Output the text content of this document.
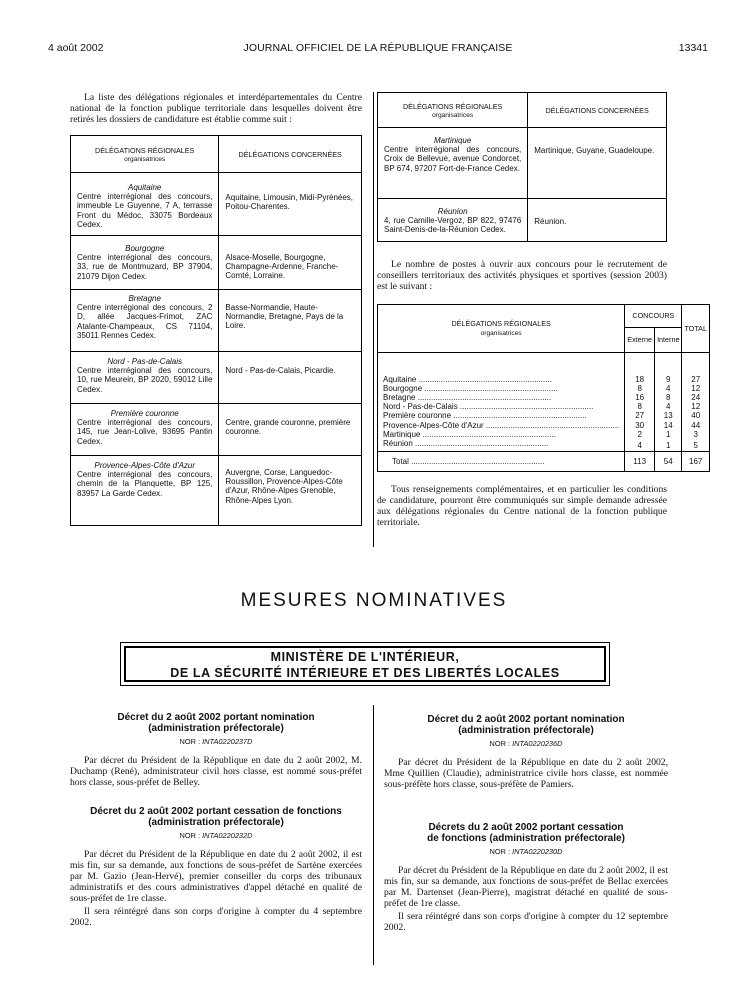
4 août 2002	JOURNAL OFFICIEL DE LA RÉPUBLIQUE FRANÇAISE	13341

La liste des délégations régionales et interdépartementales du Centre national de la fonction publique territoriale dans lesquelles doivent être retirés les dossiers de candidature est établie comme suit :

DÉLÉGATIONS RÉGIONALES
organisatrices	DÉLÉGATIONS CONCERNÉES

Aquitaine
Centre interrégional des concours, immeuble Le Guyenne, 7 A, terrasse Front du Médoc, 33075 Bordeaux Cedex.	Aquitaine, Limousin, Midi-Pyrénées, Poitou-Charentes.

Bourgogne
Centre interrégional des concours, 33, rue de Montmuzard, BP 37904, 21079 Dijon Cedex.	Alsace-Moselle, Bourgogne, Champagne-Ardenne, Franche-Comté, Lorraine.

Bretagne
Centre interrégional des concours, 2 D, allée Jacques-Frimot, ZAC Atalante-Champeaux, CS 71104, 35011 Rennes Cedex.	Basse-Normandie, Haute-Normandie, Bretagne, Pays de la Loire.

Nord - Pas-de-Calais
Centre interrégional des concours, 10, rue Meurein, BP 2020, 59012 Lille Cedex.	Nord - Pas-de-Calais, Picardie.

Première couronne
Centre interrégional des concours, 145, rue Jean-Lolive, 93695 Pantin Cedex.	Centre, grande couronne, première couronne.

Provence-Alpes-Côte d'Azur
Centre interrégional des concours, chemin de la Planquette, BP 125, 83957 La Garde Cedex.	Auvergne, Corse, Languedoc-Roussillon, Provence-Alpes-Côte d'Azur, Rhône-Alpes Grenoble, Rhône-Alpes Lyon.
DÉLÉGATIONS RÉGIONALES
organisatrices	DÉLÉGATIONS CONCERNÉES

Martinique
Centre interrégional des concours, Croix de Bellevue, avenue Condorcet, BP 674, 97207 Fort-de-France Cedex.	Martinique, Guyane, Guadeloupe.

Réunion
4, rue Camille-Vergoz, BP 822, 97476 Saint-Denis-de-la-Réunion Cedex.	Réunion.

Le nombre de postes à ouvrir aux concours pour le recrutement de conseillers territoriaux des activités physiques et sportives (session 2003) est le suivant :

DÉLÉGATIONS RÉGIONALES
organisatrices	CONCOURS		TOTAL
	Externe	Interne	

Aquitaine .....	18	9	27
Bourgogne .....	8	4	12
Bretagne .....	16	8	24
Nord - Pas-de-Calais .....	8	4	12
Première couronne .....	27	13	40
Provence-Alpes-Côte d'Azur .....	30	14	44
Martinique .....	2	1	3
Réunion .....	4	1	5
Total .....	113	54	167

Tous renseignements complémentaires, et en particulier les conditions de candidature, pourront être communiqués sur simple demande adressée aux délégations régionales du Centre national de la fonction publique territoriale.

MESURES NOMINATIVES
MINISTÈRE DE L'INTÉRIEUR,
DE LA SÉCURITÉ INTÉRIEURE ET DES LIBERTÉS LOCALES

Décret du 2 août 2002 portant nomination

(administration préfectorale)

NOR : INTA0220237D

Par décret du Président de la République en date du 2 août 2002, M. Duchamp (René), administrateur civil hors classe, est nommé sous-préfet hors classe, sous-préfet de Belley.

Décret du 2 août 2002 portant cessation de fonctions

(administration préfectorale)

NOR : INTA0220232D

Par décret du Président de la République en date du 2 août 2002, il est mis fin, sur sa demande, aux fonctions de sous-préfet de Sartène exercées par M. Gazio (Jean-Hervé), premier conseiller du corps des tribunaux administratifs et des cours administratives d'appel détaché en qualité de sous-préfet de 1re classe.

Il sera réintégré dans son corps d'origine à compter du 4 septembre 2002.

Décret du 2 août 2002 portant nomination

(administration préfectorale)

NOR : INTA0220236D

Par décret du Président de la République en date du 2 août 2002, Mme Quillien (Claudie), administratrice civile hors classe, est nommée sous-préfète hors classe, sous-préfète de Pamiers.

Décrets du 2 août 2002 portant cessation

de fonctions (administration préfectorale)

NOR : INTA0220230D

Par décret du Président de la République en date du 2 août 2002, il est mis fin, sur sa demande, aux fonctions de sous-préfet de Bellac exercées par M. Dartenset (Jean-Pierre), magistrat détaché en qualité de sous-préfet de 1re classe.

Il sera réintégré dans son corps d'origine à compter du 12 septembre 2002.
